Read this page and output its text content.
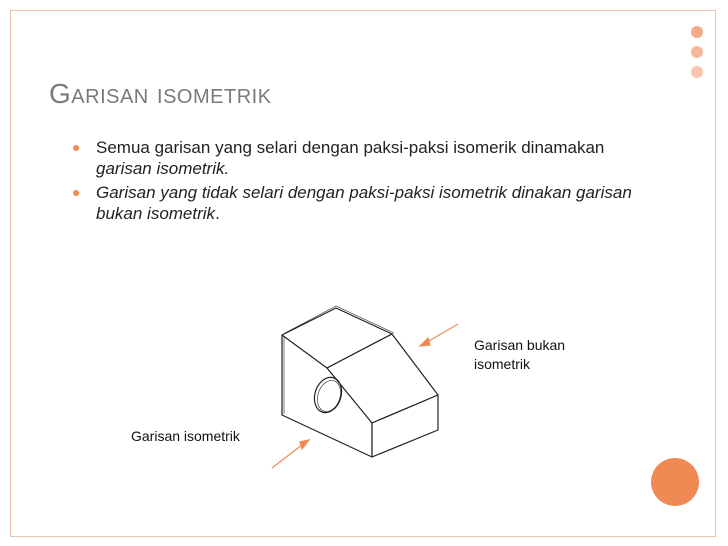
Garisan isometrik
● Semua garisan yang selari dengan paksi-paksi isomerik dinamakan garisan isometrik.
● Garisan yang tidak selari dengan paksi-paksi isometrik dinakan garisan bukan isometrik.
Garisan bukan isometrik
Garisan isometrik
